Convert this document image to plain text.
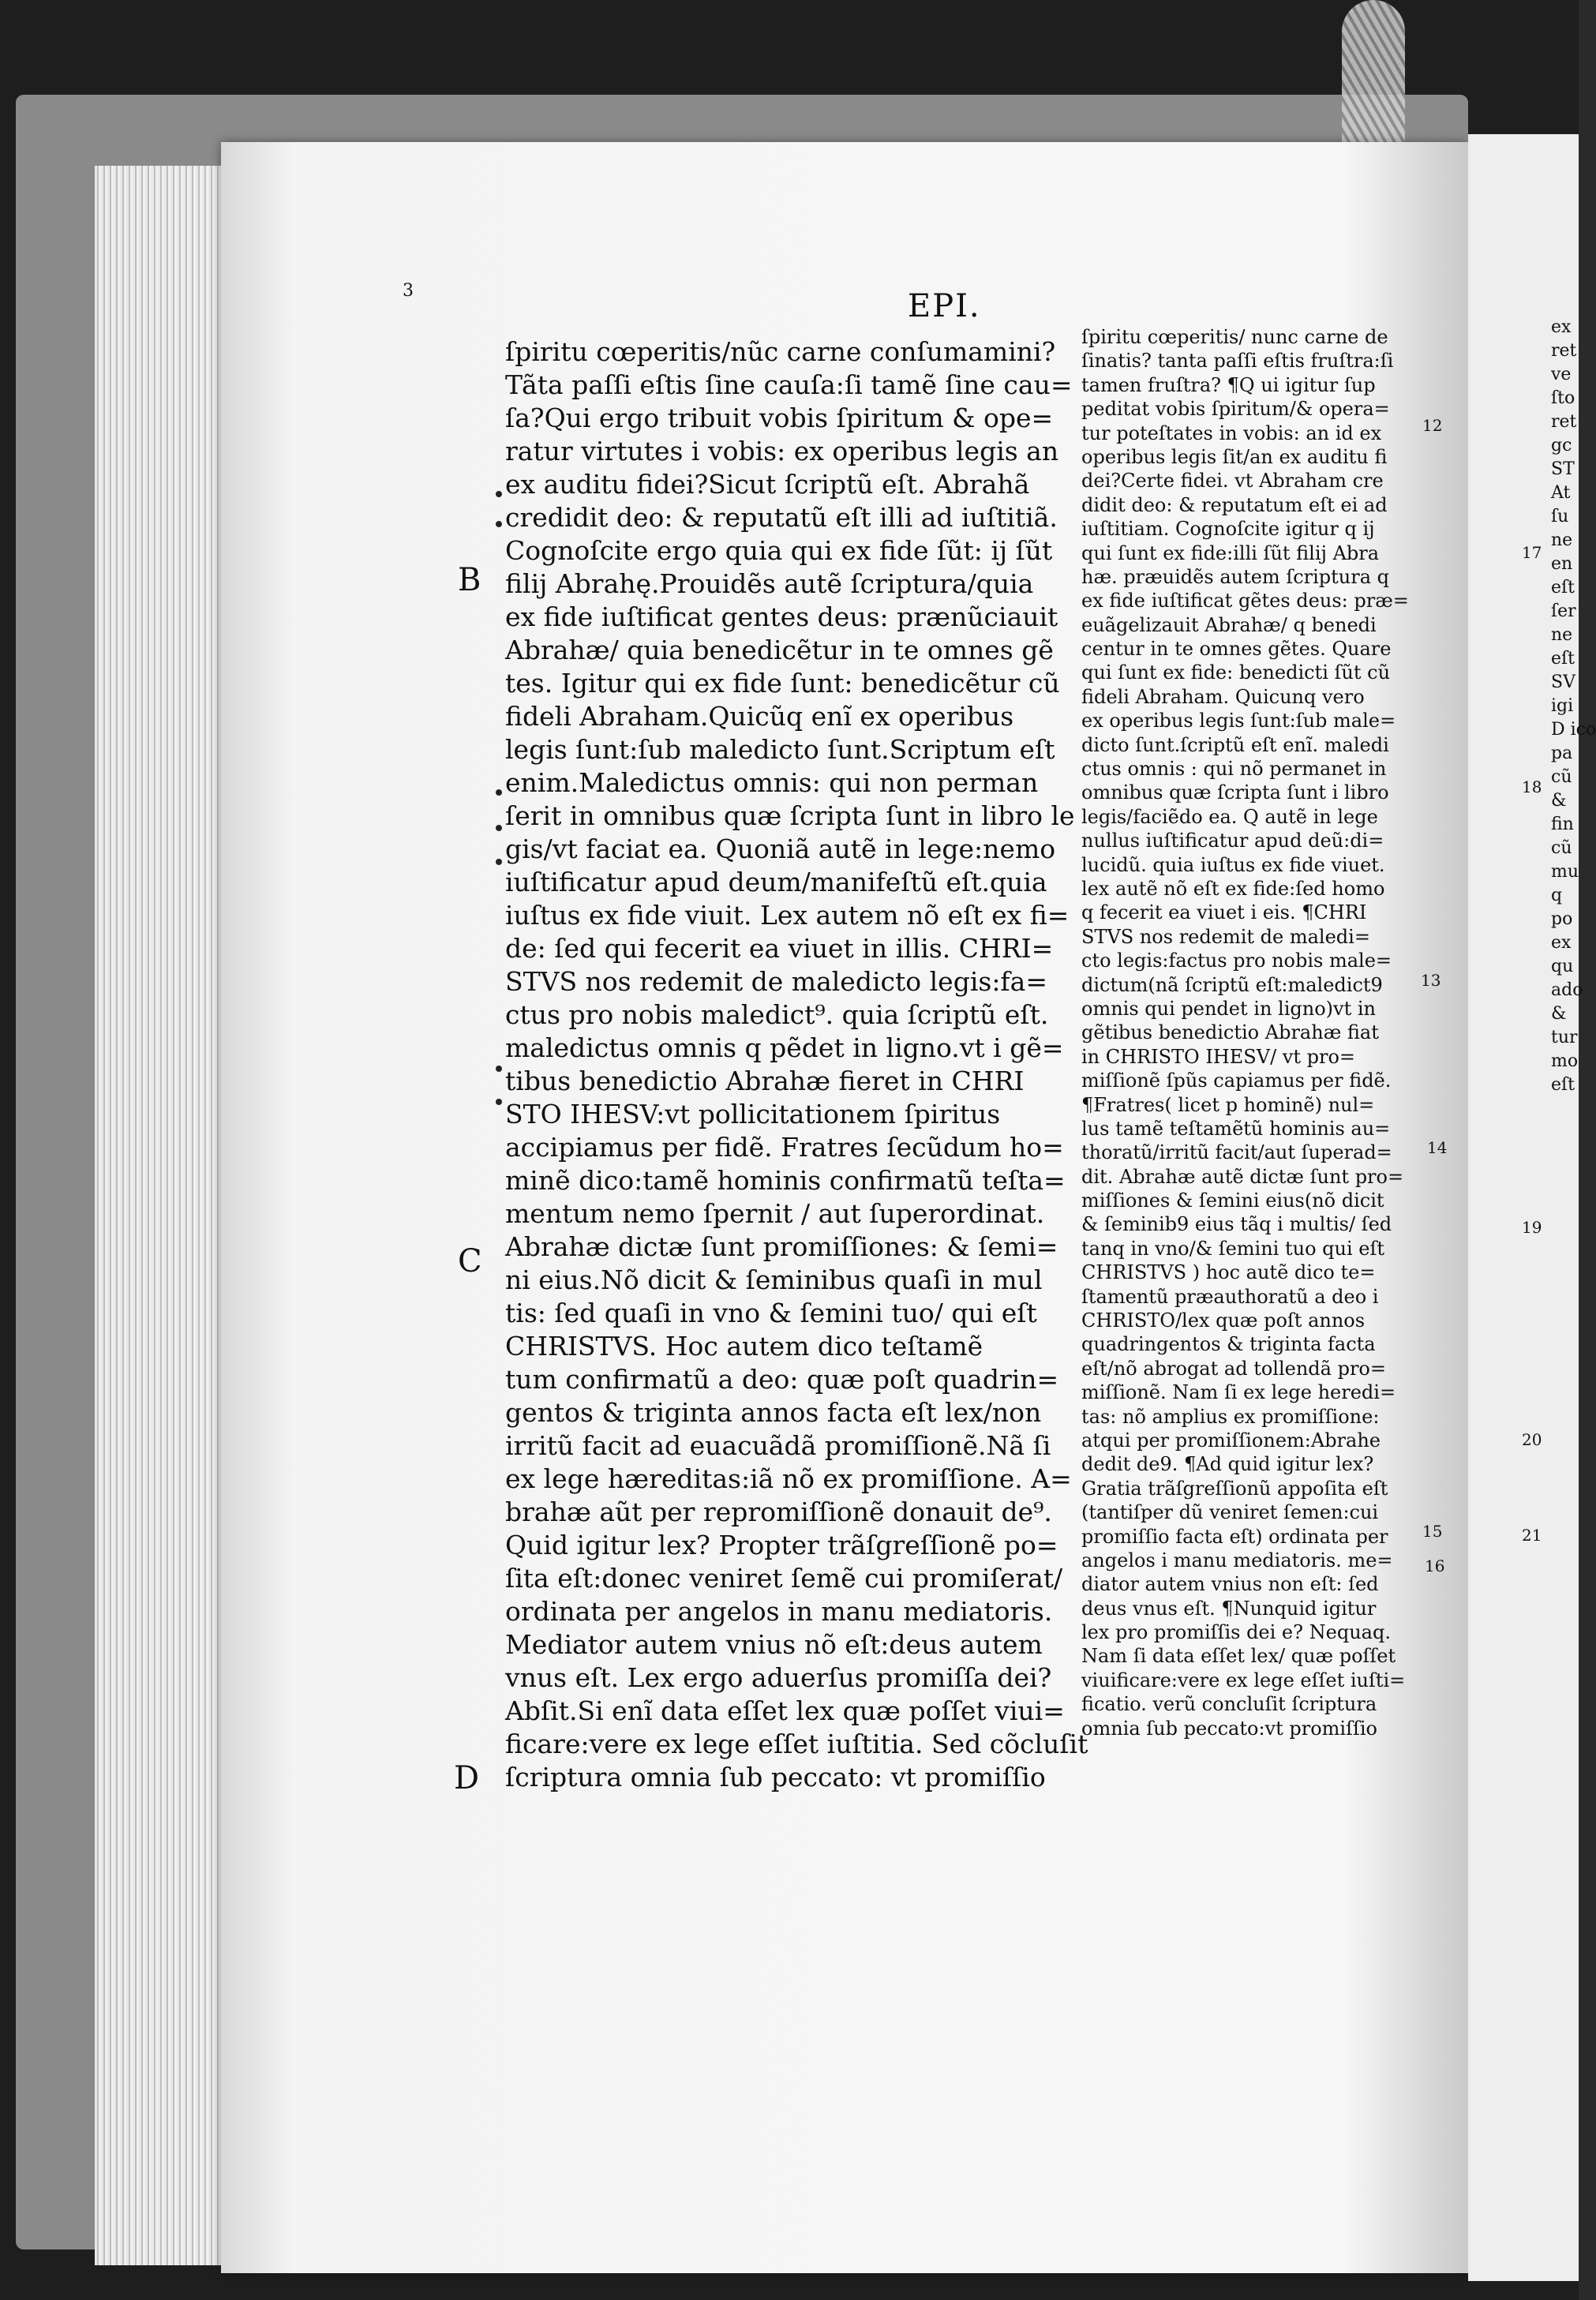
3	EPI.
ſpiritu cœperitis/nũc carne conſumamini?
Tãta paſſi eſtis ſine cauſa:ſi tamẽ ſine cau=
ſa?Qui ergo tribuit vobis ſpiritum & ope=
ratur virtutes i vobis: ex operibus legis an
ex auditu fidei?Sicut ſcriptũ eſt. Abrahã
credidit deo: & reputatũ eſt illi ad iuſtitiã.
Cognoſcite ergo quia qui ex fide ſũt: ij ſũt
filij Abrahę.Prouidẽs autẽ ſcriptura/quia
ex fide iuſtificat gentes deus: prænũciauit
Abrahæ/ quia benedicẽtur in te omnes gẽ
tes. Igitur qui ex fide ſunt: benedicẽtur cũ
fideli Abraham.Quicũq enĩ ex operibus
legis ſunt:ſub maledicto ſunt.Scriptum eſt
enim.Maledictus omnis: qui non perman
ſerit in omnibus quæ ſcripta ſunt in libro le
gis/vt faciat ea. Quoniã autẽ in lege:nemo
iuſtificatur apud deum/manifeſtũ eſt.quia
iuſtus ex fide viuit. Lex autem nõ eſt ex fi=
de: ſed qui fecerit ea viuet in illis. CHRI=
STVS nos redemit de maledicto legis:fa=
ctus pro nobis maledict⁹. quia ſcriptũ eſt.
maledictus omnis q pẽdet in ligno.vt i gẽ=
tibus benedictio Abrahæ fieret in CHRI
STO IHESV:vt pollicitationem ſpiritus
accipiamus per fidẽ. Fratres ſecũdum ho=
minẽ dico:tamẽ hominis confirmatũ teſta=
mentum nemo ſpernit / aut ſuperordinat.
Abrahæ dictæ ſunt promiſſiones: & ſemi=
ni eius.Nõ dicit & ſeminibus quaſi in mul
tis: ſed quaſi in vno & ſemini tuo/ qui eſt
CHRISTVS. Hoc autem dico teſtamẽ
tum confirmatũ a deo: quæ poſt quadrin=
gentos & triginta annos facta eſt lex/non
irritũ facit ad euacuãdã promiſſionẽ.Nã ſi
ex lege hæreditas:iã nõ ex promiſſione. A=
brahæ aũt per repromiſſionẽ donauit de⁹.
Quid igitur lex? Propter trãſgreſſionẽ po=
ſita eſt:donec veniret ſemẽ cui promiſerat/
ordinata per angelos in manu mediatoris.
Mediator autem vnius nõ eſt:deus autem
vnus eſt. Lex ergo aduerſus promiſſa dei?
Abſit.Si enĩ data eſſet lex quæ poſſet viui=
ficare:vere ex lege eſſet iuſtitia. Sed cõcluſit
ſcriptura omnia ſub peccato: vt promiſſio
ſpiritu cœperitis/ nunc carne de
ſinatis? tanta paſſi eſtis fruſtra:ſi
tamen fruſtra? ¶Q ui igitur ſup
peditat vobis ſpiritum/& opera=
tur poteſtates in vobis: an id ex
operibus legis ſit/an ex auditu fi
dei?Certe fidei. vt Abraham cre
didit deo: & reputatum eſt ei ad
iuſtitiam. Cognoſcite igitur q ij
qui ſunt ex fide:illi ſũt filij Abra
hæ. præuidẽs autem ſcriptura q
ex fide iuſtificat gẽtes deus: præ=
euãgelizauit Abrahæ/ q benedi
centur in te omnes gẽtes. Quare
qui ſunt ex fide: benedicti ſũt cũ
fideli Abraham. Quicunq vero
ex operibus legis ſunt:ſub male=
dicto ſunt.ſcriptũ eſt enĩ. maledi
ctus omnis : qui nõ permanet in
omnibus quæ ſcripta ſunt i libro
legis/faciẽdo ea. Q autẽ in lege
nullus iuſtificatur apud deũ:di=
lucidũ. quia iuſtus ex fide viuet.
lex autẽ nõ eſt ex fide:ſed homo
q fecerit ea viuet i eis. ¶CHRI
STVS nos redemit de maledi=
cto legis:factus pro nobis male=
dictum(nã ſcriptũ eſt:maledict9
omnis qui pendet in ligno)vt in
gẽtibus benedictio Abrahæ fiat
in CHRISTO IHESV/ vt pro=
miſſionẽ ſpũs capiamus per fidẽ.
¶Fratres( licet p hominẽ) nul=
lus tamẽ teſtamẽtũ hominis au=
thoratũ/irritũ facit/aut ſuperad=
dit. Abrahæ autẽ dictæ ſunt pro=
miſſiones & ſemini eius(nõ dicit
& ſeminib9 eius tãq i multis/ ſed
tanq in vno/& ſemini tuo qui eſt
CHRISTVS ) hoc autẽ dico te=
ſtamentũ præauthoratũ a deo i
CHRISTO/lex quæ poſt annos
quadringentos & triginta facta
eſt/nõ abrogat ad tollendã pro=
miſſionẽ. Nam ſi ex lege heredi=
tas: nõ amplius ex promiſſione:
atqui per promiſſionem:Abrahe
dedit de9. ¶Ad quid igitur lex?
Gratia trãſgreſſionũ appoſita eſt
(tantiſper dũ veniret ſemen:cui
promiſſio facta eſt) ordinata per
angelos i manu mediatoris. me=
diator autem vnius non eſt: ſed
deus vnus eſt. ¶Nunquid igitur
lex pro promiſſis dei e? Nequaq.
Nam ſi data eſſet lex/ quæ poſſet
viuificare:vere ex lege eſſet iuſti=
ficatio. verũ concluſit ſcriptura
omnia ſub peccato:vt promiſſio
B
C
D
12
13
14
15
16
ex
ret
ve
ſto
ret
gc
ST
At
ſu
ne
en
eſt
ſer
ne
eſt
SV
igi
D ico
pa
cũ
&
fin
cũ
mu
q
po
ex
qu
ado
&
tur
mo
eſt
17
18
19
20
21
